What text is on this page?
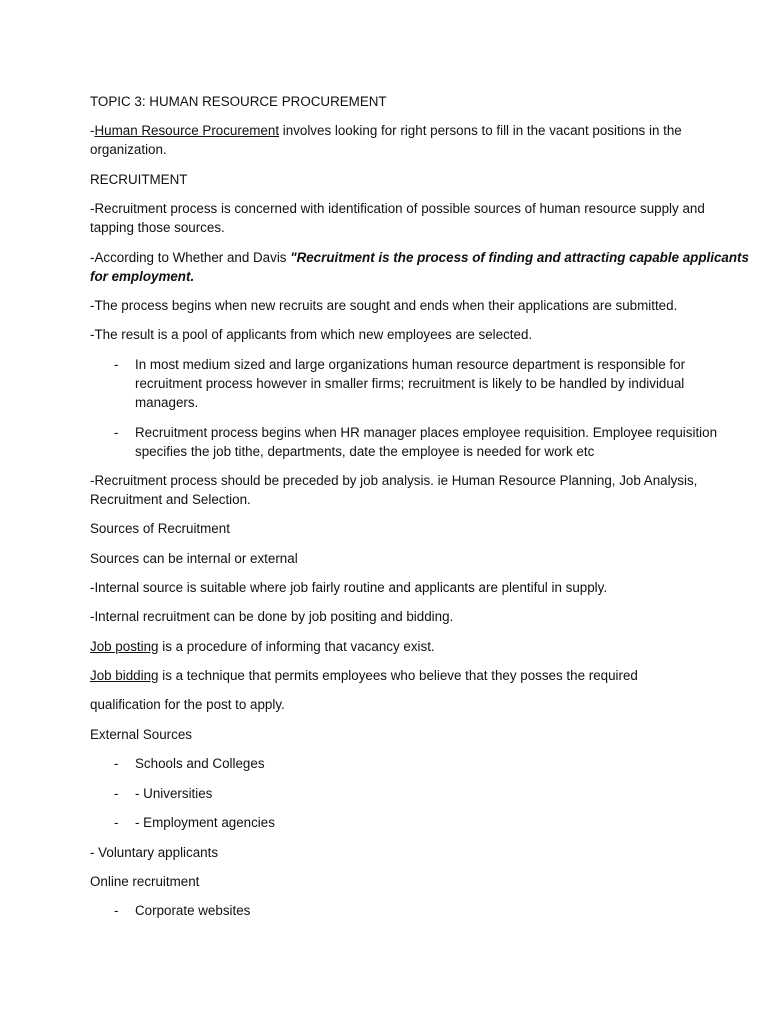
TOPIC 3: HUMAN RESOURCE PROCUREMENT
-Human Resource Procurement involves looking for right persons to fill in the vacant positions in the
organization.
RECRUITMENT
-Recruitment process is concerned with identification of possible sources of human resource supply and
tapping those sources.
-According to Whether and Davis "Recruitment is the process of finding and attracting capable applicants
for employment.
-The process begins when new recruits are sought and ends when their applications are submitted.
-The result is a pool of applicants from which new employees are selected.
- In most medium sized and large organizations human resource department is responsible for
recruitment process however in smaller firms; recruitment is likely to be handled by individual
managers.
- Recruitment process begins when HR manager places employee requisition. Employee requisition
specifies the job tithe, departments, date the employee is needed for work etc
-Recruitment process should be preceded by job analysis. ie Human Resource Planning, Job Analysis,
Recruitment and Selection.
Sources of Recruitment
Sources can be internal or external
-Internal source is suitable where job fairly routine and applicants are plentiful in supply.
-Internal recruitment can be done by job positing and bidding.
Job posting is a procedure of informing that vacancy exist.
Job bidding is a technique that permits employees who believe that they posses the required
qualification for the post to apply.
External Sources
- Schools and Colleges
- - Universities
- - Employment agencies
- Voluntary applicants
Online recruitment
- Corporate websites
